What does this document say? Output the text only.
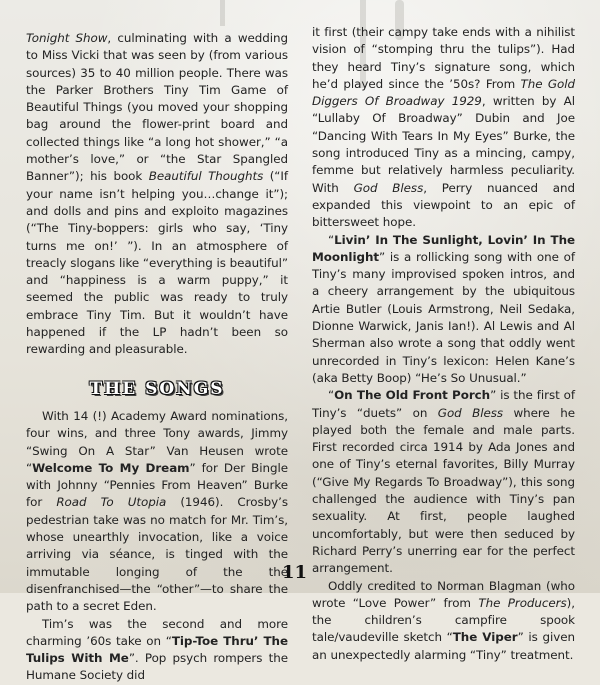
Tonight Show, culminating with a wedding to Miss Vicki that was seen by (from various sources) 35 to 40 million people. There was the Parker Brothers Tiny Tim Game of Beautiful Things (you moved your shopping bag around the flower-print board and collected things like “a long hot shower,” “a mother’s love,” or “the Star Spangled Banner”); his book Beautiful Thoughts (“If your name isn’t helping you…change it”); and dolls and pins and exploito magazines (“The Tiny-boppers: girls who say, ‘Tiny turns me on!’ ”). In an atmosphere of treacly slogans like “everything is beautiful” and “happiness is a warm puppy,” it seemed the public was ready to truly embrace Tiny Tim. But it wouldn’t have happened if the LP hadn’t been so rewarding and pleasurable.

THE SONGS

With 14 (!) Academy Award nominations, four wins, and three Tony awards, Jimmy “Swing On A Star” Van Heusen wrote “Welcome To My Dream” for Der Bingle with Johnny “Pennies From Heaven” Burke for Road To Utopia (1946). Crosby’s pedestrian take was no match for Mr. Tim’s, whose unearthly invocation, like a voice arriving via séance, is tinged with the immutable longing of the the disenfranchised—the “other”—to share the path to a secret Eden.

Tim’s was the second and more charming ’60s take on “Tip-Toe Thru’ The Tulips With Me”. Pop psych rompers the Humane Society did

it first (their campy take ends with a nihilist vision of “stomping thru the tulips”). Had they heard Tiny’s signature song, which he’d played since the ’50s? From The Gold Diggers Of Broadway 1929, written by Al “Lullaby Of Broadway” Dubin and Joe “Dancing With Tears In My Eyes” Burke, the song introduced Tiny as a mincing, campy, femme but relatively harmless peculiarity. With God Bless, Perry nuanced and expanded this viewpoint to an epic of bittersweet hope.

“Livin’ In The Sunlight, Lovin’ In The Moonlight” is a rollicking song with one of Tiny’s many improvised spoken intros, and a cheery arrangement by the ubiquitous Artie Butler (Louis Armstrong, Neil Sedaka, Dionne Warwick, Janis Ian!). Al Lewis and Al Sherman also wrote a song that oddly went unrecorded in Tiny’s lexicon: Helen Kane’s (aka Betty Boop) “He’s So Unusual.”

“On The Old Front Porch” is the first of Tiny’s “duets” on God Bless where he played both the female and male parts. First recorded circa 1914 by Ada Jones and one of Tiny’s eternal favorites, Billy Murray (“Give My Regards To Broadway”), this song challenged the audience with Tiny’s pan sexuality. At first, people laughed uncomfortably, but were then seduced by Richard Perry’s unerring ear for the perfect arrangement.

Oddly credited to Norman Blagman (who wrote “Love Power” from The Producers), the children’s campfire spook tale/vaudeville sketch “The Viper” is given an unexpectedly alarming “Tiny” treatment.

11
